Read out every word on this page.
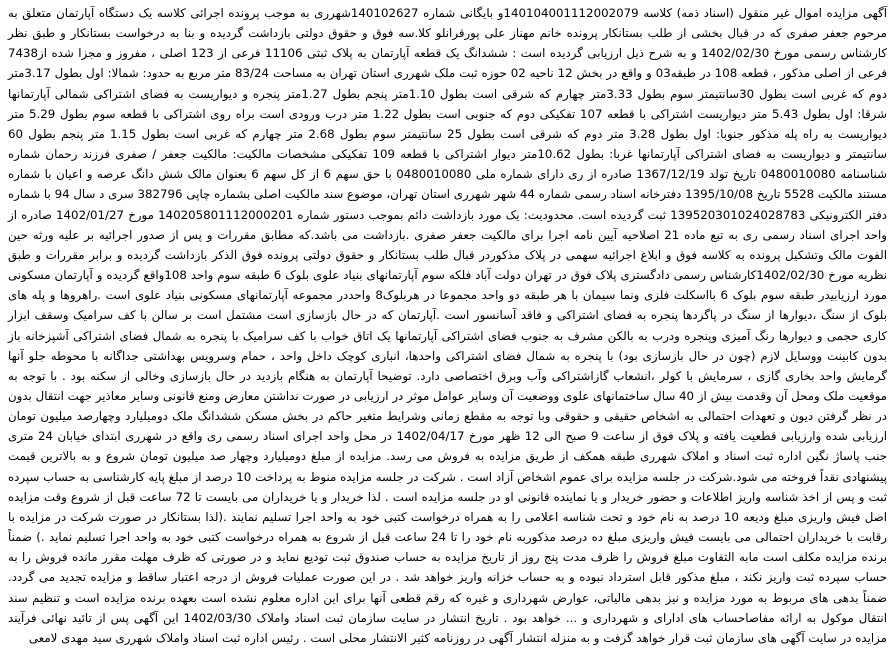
آگهی مزایده اموال غیر منقول (اسناد ذمه) کلاسه 140104001112002079و بایگانی شماره 140102627شهرری به موجب پرونده اجرائی کلاسه یک دستگاه آپارتمان متعلق به مرحوم جعفر صفری که در قبال بخشی از طلب بستانکار پرونده خانم مهناز علی پورقرانلو کلا.سه فوق و حقوق دولتی بازداشت گردیده و بنا به درخواست بستانکار و طبق نظر کارشناس رسمی مورخ 1402/02/30 و به شرح ذیل ارزیابی گردیده است : ششدانگ یک قطعه آپارتمان به پلاک ثبتی 11106 فرعی از 123 اصلی ، مفروز و مجزا شده از7438 فرعی از اصلی مذکور ، قطعه 108 در طبقه03 و واقع در بخش 12 ناحیه 02 حوزه ثبت ملک شهرری استان تهران به مساحت 83/24 متر مربع به حدود: شمالا: اول بطول 3.17متر دوم که غربی است بطول 30سانتیمتر سوم بطول 3.33متر چهارم که شرقی است بطول 1.10متر پنجم بطول 1.27متر پنجره و دیواریست به فضای اشتراکی شمالی آپارتمانها شرقا: اول بطول 5.43 متر دیواریست اشتراکی با قطعه 107 تفکیکی دوم که جنوبی است بطول 1.22 متر درب ورودی است براه روی اشتراکی با قطعه سوم بطول 5.29 متر دیواریست به راه پله مذکور جنوبا: اول بطول 3.28 متر دوم که شرقی است بطول 25 سانتیمتر سوم بطول 2.68 متر چهارم که غربی است بطول 1.15 متر پنجم بطول 60 سانتیمتر و دیواریست به فضای اشتراکی آپارتمانها غربا: بطول 10.62متر دیوار اشتراکی با قطعه 109 تفکیکی مشخصات مالکیت: مالکیت جعفر / صفری فرزند رحمان شماره شناسنامه 0480010080 تاریخ تولد 1367/12/19 صادره از ری دارای شماره ملی 0480010080 با حق سهم 6 از کل سهم 6 بعنوان مالک شش دانگ عرصه و اعیان با شماره مستند مالکیت 5528 تاریخ 1395/10/08 دفترخانه اسناد رسمی شماره 44 شهر شهرری استان تهران، موضوع سند مالکیت اصلی بشماره چاپی 382796 سری د سال 94 با شماره دفتر الکترونیکی 139520301024028783 ثبت گردیده است. محدودیت: یک مورد بازداشت دائم بموجب دستور شماره 140205801112000201 مورخ 1402/01/27 صادره از واحد اجرای اسناد رسمی ری به تبع ماده 21 اصلاحیه آیین نامه اجرا برای مالکیت جعفر صفری .بازداشت می باشد.که مطابق مقررات و پس از صدور اجرائیه بر علیه ورثه حین الفوت مالک وتشکیل پرونده به کلاسه فوق و ابلاغ اجرائیه سهمی در پلاک مذکوردر قبال طلب بستانکار و حقوق دولتی پرونده فوق الذکر بازداشت گردیده و برابر مقررات و طبق نظریه مورخ 1402/02/30کارشناس رسمی دادگستری پلاک فوق در تهران دولت آباد فلکه سوم آپارتمانهای بنیاد علوی بلوک 6 طبقه سوم واحد 108واقع گردیده و آپارتمان مسکونی مورد ارزیابیدر طبقه سوم بلوک 6 بااسکلت فلزی ونما سیمان با هر طبقه دو واحد مجموعا در هربلوک8 واحددر مجموعه آپارتمانهای مسکونی بنیاد علوی است .راهروها و پله های بلوک از سنگ ،دیوارها از سنگ در پاگردها پنجره به فضای اشتراکی و فاقد آسانسور است .آپارتمان که در حال بازسازی است مشتمل است بر سالن با کف سرامیک وسقف ابزار کاری حجمی و دیوارها رنگ آمیزی وپنجره ودرب به بالکن مشرف به جنوب فضای اشتراکی آپارتمانها یک اتاق خواب با کف سرامیک با پنجره به شمال فضای اشتراکی آشپزخانه باز بدون کابینت ووسایل لازم (چون در حال بازسازی بود) با پنجره به شمال فضای اشتراکی واحدها، انباری کوچک داخل واحد ، حمام وسرویس بهداشتی جداگانه با محوطه جلو آنها گرمایش واحد بخاری گازی ، سرمایش با کولر ،انشعاب گازاشتراکی وآب وبرق اختصاصی دارد. توضیحا آپارتمان به هنگام بازدید در حال بازسازی وخالی از سکنه بود . با توجه به موقعیت ملک ومحل آن وقدمت بیش از 40 سال ساختمانهای علوی ووضعیت آن وسایر عوامل موثر در ارزیابی در صورت نداشتن معارض ومنع قانونی وسایر معاذیر جهت انتقال بدون در نظر گرفتن دیون و تعهدات احتمالی به اشخاص حقیقی و حقوقی وبا توجه به مقطع زمانی وشرایط متغیر حاکم در بخش مسکن ششدانگ ملک دومیلیارد وچهارصد میلیون تومان ارزیابی شده وارزیابی قطعیت یافته و پلاک فوق از ساعت 9 صبح الی 12 ظهر مورخ 1402/04/17 در محل واحد اجرای اسناد رسمی ری واقع در شهرری ابتدای خیابان 24 متری جنب پاساژ نگین اداره ثبت اسناد و املاک شهرری طبقه همکف از طریق مزایده به فروش می رسد. مزایده از مبلغ دومیلیارد وچهار صد میلیون تومان شروع و به بالاترین قیمت پیشنهادی نقداً فروخته می شود.شرکت در جلسه مزایده برای عموم اشخاص آزاد است . شرکت در جلسه مزایده منوط به پرداخت 10 درصد از مبلغ پایه کارشناسی به حساب سپرده ثبت و پس از اخذ شناسه واریز اطلاعات و حضور خریدار و یا نماینده قانونی او در جلسه مزایده است . لذا خریدار و یا خریداران می بایست تا 72 ساعت قبل از شروع وقت مزایده اصل فیش واریزی مبلغ ودیعه 10 درصد به نام خود و تحت شناسه اعلامی را به همراه درخواست کتبی خود به واحد اجرا تسلیم نمایند .(لذا بستانکار در صورت شرکت در مزایده با رقابت با خریداران احتمالی می بایست فیش واریزی مبلغ ده درصد مذکوربه نام خود را تا 24 ساعت قبل از شروع به همراه درخواست کتبی خود به واحد اجرا تسلیم نماید .) ضمناً برنده مزایده مکلف است مابه التفاوت مبلغ فروش را ظرف مدت پنج روز از تاریخ مزایده به حساب صندوق ثبت تودیع نماید و در صورتی که ظرف مهلت مقرر مانده فروش را به حساب سپرده ثبت واریز نکند ، مبلغ مذکور قابل استرداد نبوده و به حساب خزانه واریز خواهد شد . در این صورت عملیات فروش از درجه اعتبار ساقط و مزایده تجدید می گردد. ضمناً بدهی های مربوط به مورد مزایده و نیز بدهی مالیاتی، عوارض شهرداری و غیره که رقم قطعی آنها برای این اداره معلوم نشده است بعهده برنده مزایده است و تنظیم سند انتقال موکول به ارائه مفاصاحساب های ادارای و شهرداری و ... خواهد بود . تاریخ انتشار در سایت سازمان ثبت اسناد واملاک 1402/03/30 این آگهی پس از تائید نهائی فرآیند مزایده در سایت آگهی های سازمان ثبت قرار خواهد گرفت و به منزله انتشار آگهی در روزنامه کثیر الانتشار محلی است . رئیس اداره ثبت اسناد واملاک شهرری سید مهدی لامعی
